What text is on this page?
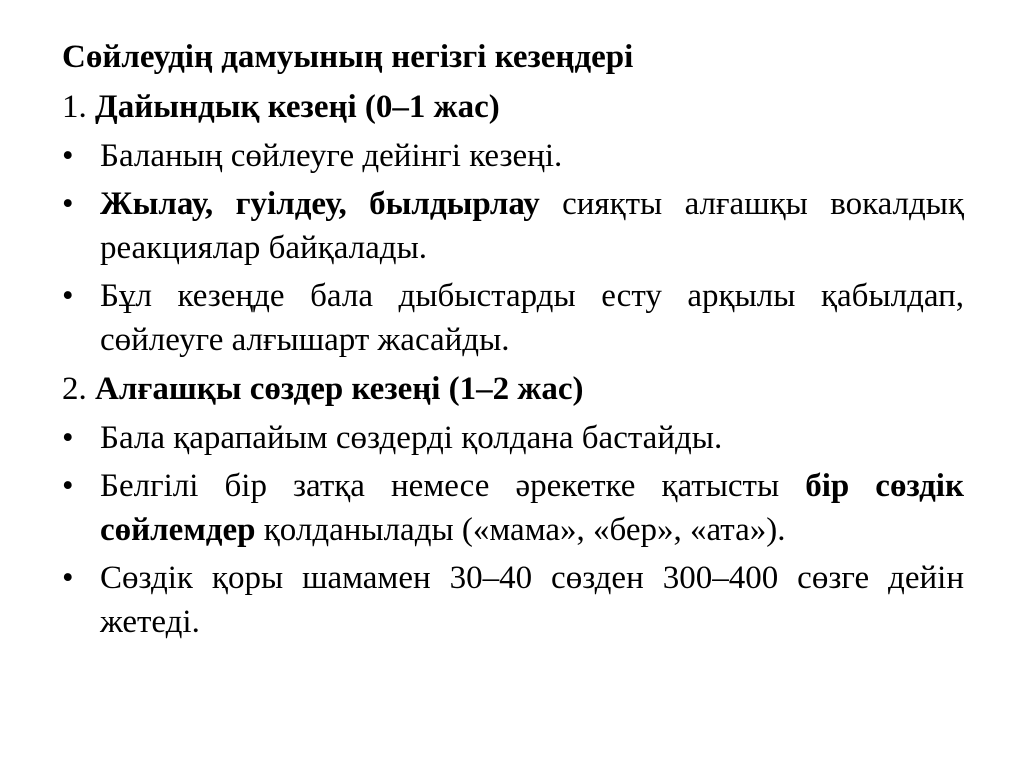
Сөйлеудің дамуының негізгі кезеңдері
1. Дайындық кезеңі (0–1 жас)
• Баланың сөйлеуге дейінгі кезеңі.
• Жылау, гуілдеу, былдырлау сияқты алғашқы вокалдық реакциялар байқалады.
• Бұл кезеңде бала дыбыстарды есту арқылы қабылдап, сөйлеуге алғышарт жасайды.
2. Алғашқы сөздер кезеңі (1–2 жас)
• Бала қарапайым сөздерді қолдана бастайды.
• Белгілі бір затқа немесе әрекетке қатысты бір сөздік сөйлемдер қолданылады («мама», «бер», «ата»).
• Сөздік қоры шамамен 30–40 сөзден 300–400 сөзге дейін жетеді.
